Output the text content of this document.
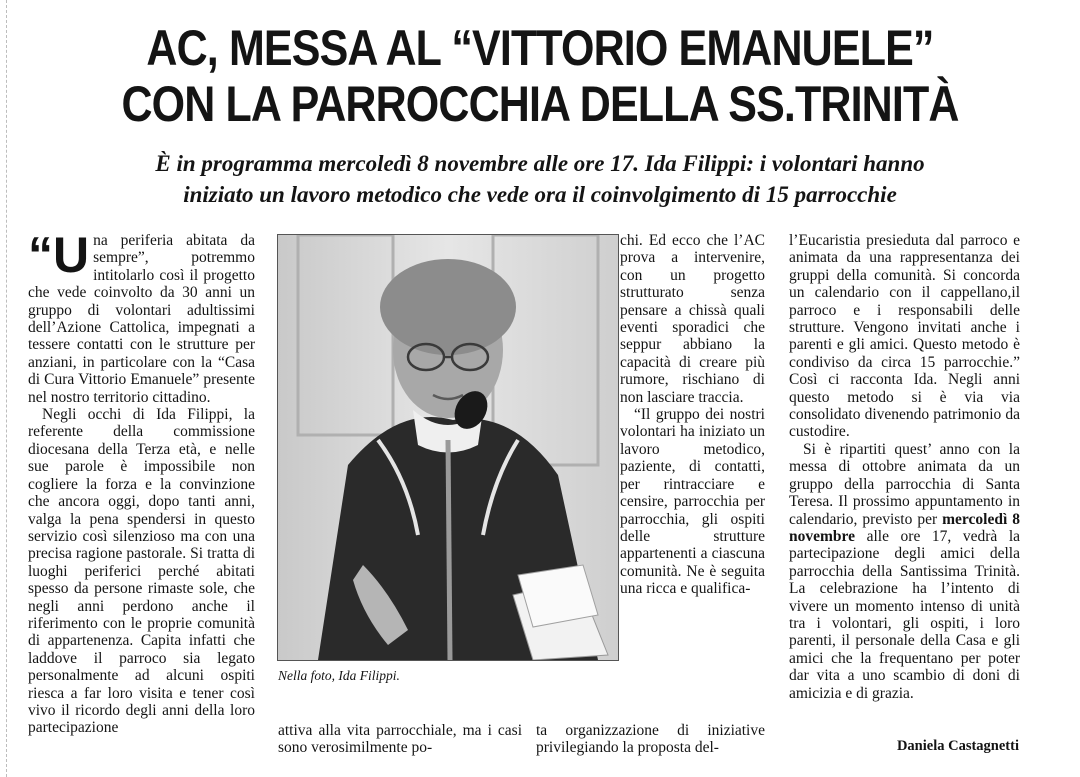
AC, MESSA AL “VITTORIO EMANUELE”
CON LA PARROCCHIA DELLA SS.TRINITÀ
È in programma mercoledì 8 novembre alle ore 17. Ida Filippi: i volontari hanno
iniziato un lavoro metodico che vede ora il coinvolgimento di 15 parrocchie

“Una periferia abitata da sempre”, potremmo intitolarlo così il progetto che vede coinvolto da 30 anni un gruppo di volontari adultissimi dell’Azione Cattolica, impegnati a tessere contatti con le strutture per anziani, in particolare con la “Casa di Cura Vittorio Emanuele” presente nel nostro territorio cittadino.

Negli occhi di Ida Filippi, la referente della commissione diocesana della Terza età, e nelle sue parole è impossibile non cogliere la forza e la convinzione che ancora oggi, dopo tanti anni, valga la pena spendersi in questo servizio così silenzioso ma con una precisa ragione pastorale. Si tratta di luoghi periferici perché abitati spesso da persone rimaste sole, che negli anni perdono anche il riferimento con le proprie comunità di appartenenza. Capita infatti che laddove il parroco sia legato personalmente ad alcuni ospiti riesca a far loro visita e tener così vivo il ricordo degli anni della loro partecipazione

Nella foto, Ida Filippi.
attiva alla vita parrocchiale, ma i casi sono verosimilmente po-

chi. Ed ecco che l’AC prova a intervenire, con un progetto strutturato senza pensare a chissà quali eventi sporadici che seppur abbiano la capacità di creare più rumore, rischiano di non lasciare traccia.

“Il gruppo dei nostri volontari ha iniziato un lavoro metodico, paziente, di contatti, per rintracciare e censire, parrocchia per parrocchia, gli ospiti delle strutture appartenenti a ciascuna comunità. Ne è seguita una ricca e qualifica-

ta organizzazione di iniziative privilegiando la proposta del-

l’Eucaristia presieduta dal parroco e animata da una rappresentanza dei gruppi della comunità. Si concorda un calendario con il cappellano,il parroco e i responsabili delle strutture. Vengono invitati anche i parenti e gli amici. Questo metodo è condiviso da circa 15 parrocchie.” Così ci racconta Ida. Negli anni questo metodo si è via via consolidato divenendo patrimonio da custodire.

Si è ripartiti quest’ anno con la messa di ottobre animata da un gruppo della parrocchia di Santa Teresa. Il prossimo appuntamento in calendario, previsto per mercoledì 8 novembre alle ore 17, vedrà la partecipazione degli amici della parrocchia della Santissima Trinità. La celebrazione ha l’intento di vivere un momento intenso di unità tra i volontari, gli ospiti, i loro parenti, il personale della Casa e gli amici che la frequentano per poter dar vita a uno scambio di doni di amicizia e di grazia.

Daniela Castagnetti
